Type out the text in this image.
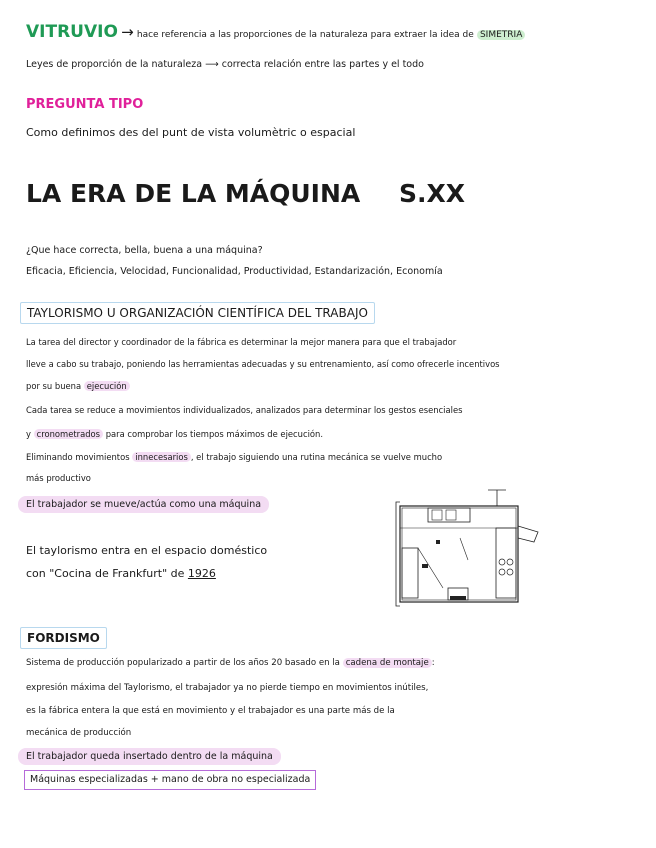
VITRUVIO → hace referencia a las proporciones de la naturaleza para extraer la idea de SIMETRIA
Leyes de proporción de la naturaleza ⟶ correcta relación entre las partes y el todo
PREGUNTA TIPO
Como definimos des del punt de vista volumètric o espacial
LA ERA DE LA MÁQUINA S.XX
¿Que hace correcta, bella, buena a una máquina?
Eficacia, Eficiencia, Velocidad, Funcionalidad, Productividad, Estandarización, Economía
TAYLORISMO U ORGANIZACIÓN CIENTÍFICA DEL TRABAJO
La tarea del director y coordinador de la fábrica es determinar la mejor manera para que el trabajador
lleve a cabo su trabajo, poniendo las herramientas adecuadas y su entrenamiento, así como ofrecerle incentivos
por su buena ejecución
Cada tarea se reduce a movimientos individualizados, analizados para determinar los gestos esenciales
y cronometrados para comprobar los tiempos máximos de ejecución.
Eliminando movimientos innecesarios , el trabajo siguiendo una rutina mecánica se vuelve mucho
más productivo
El trabajador se mueve/actúa como una máquina
El taylorismo entra en el espacio doméstico
con "Cocina de Frankfurt" de 1926
FORDISMO
Sistema de producción popularizado a partir de los años 20 basado en la cadena de montaje :
expresión máxima del Taylorismo, el trabajador ya no pierde tiempo en movimientos inútiles,
es la fábrica entera la que está en movimiento y el trabajador es una parte más de la
mecánica de producción
El trabajador queda insertado dentro de la máquina
Máquinas especializadas + mano de obra no especializada
